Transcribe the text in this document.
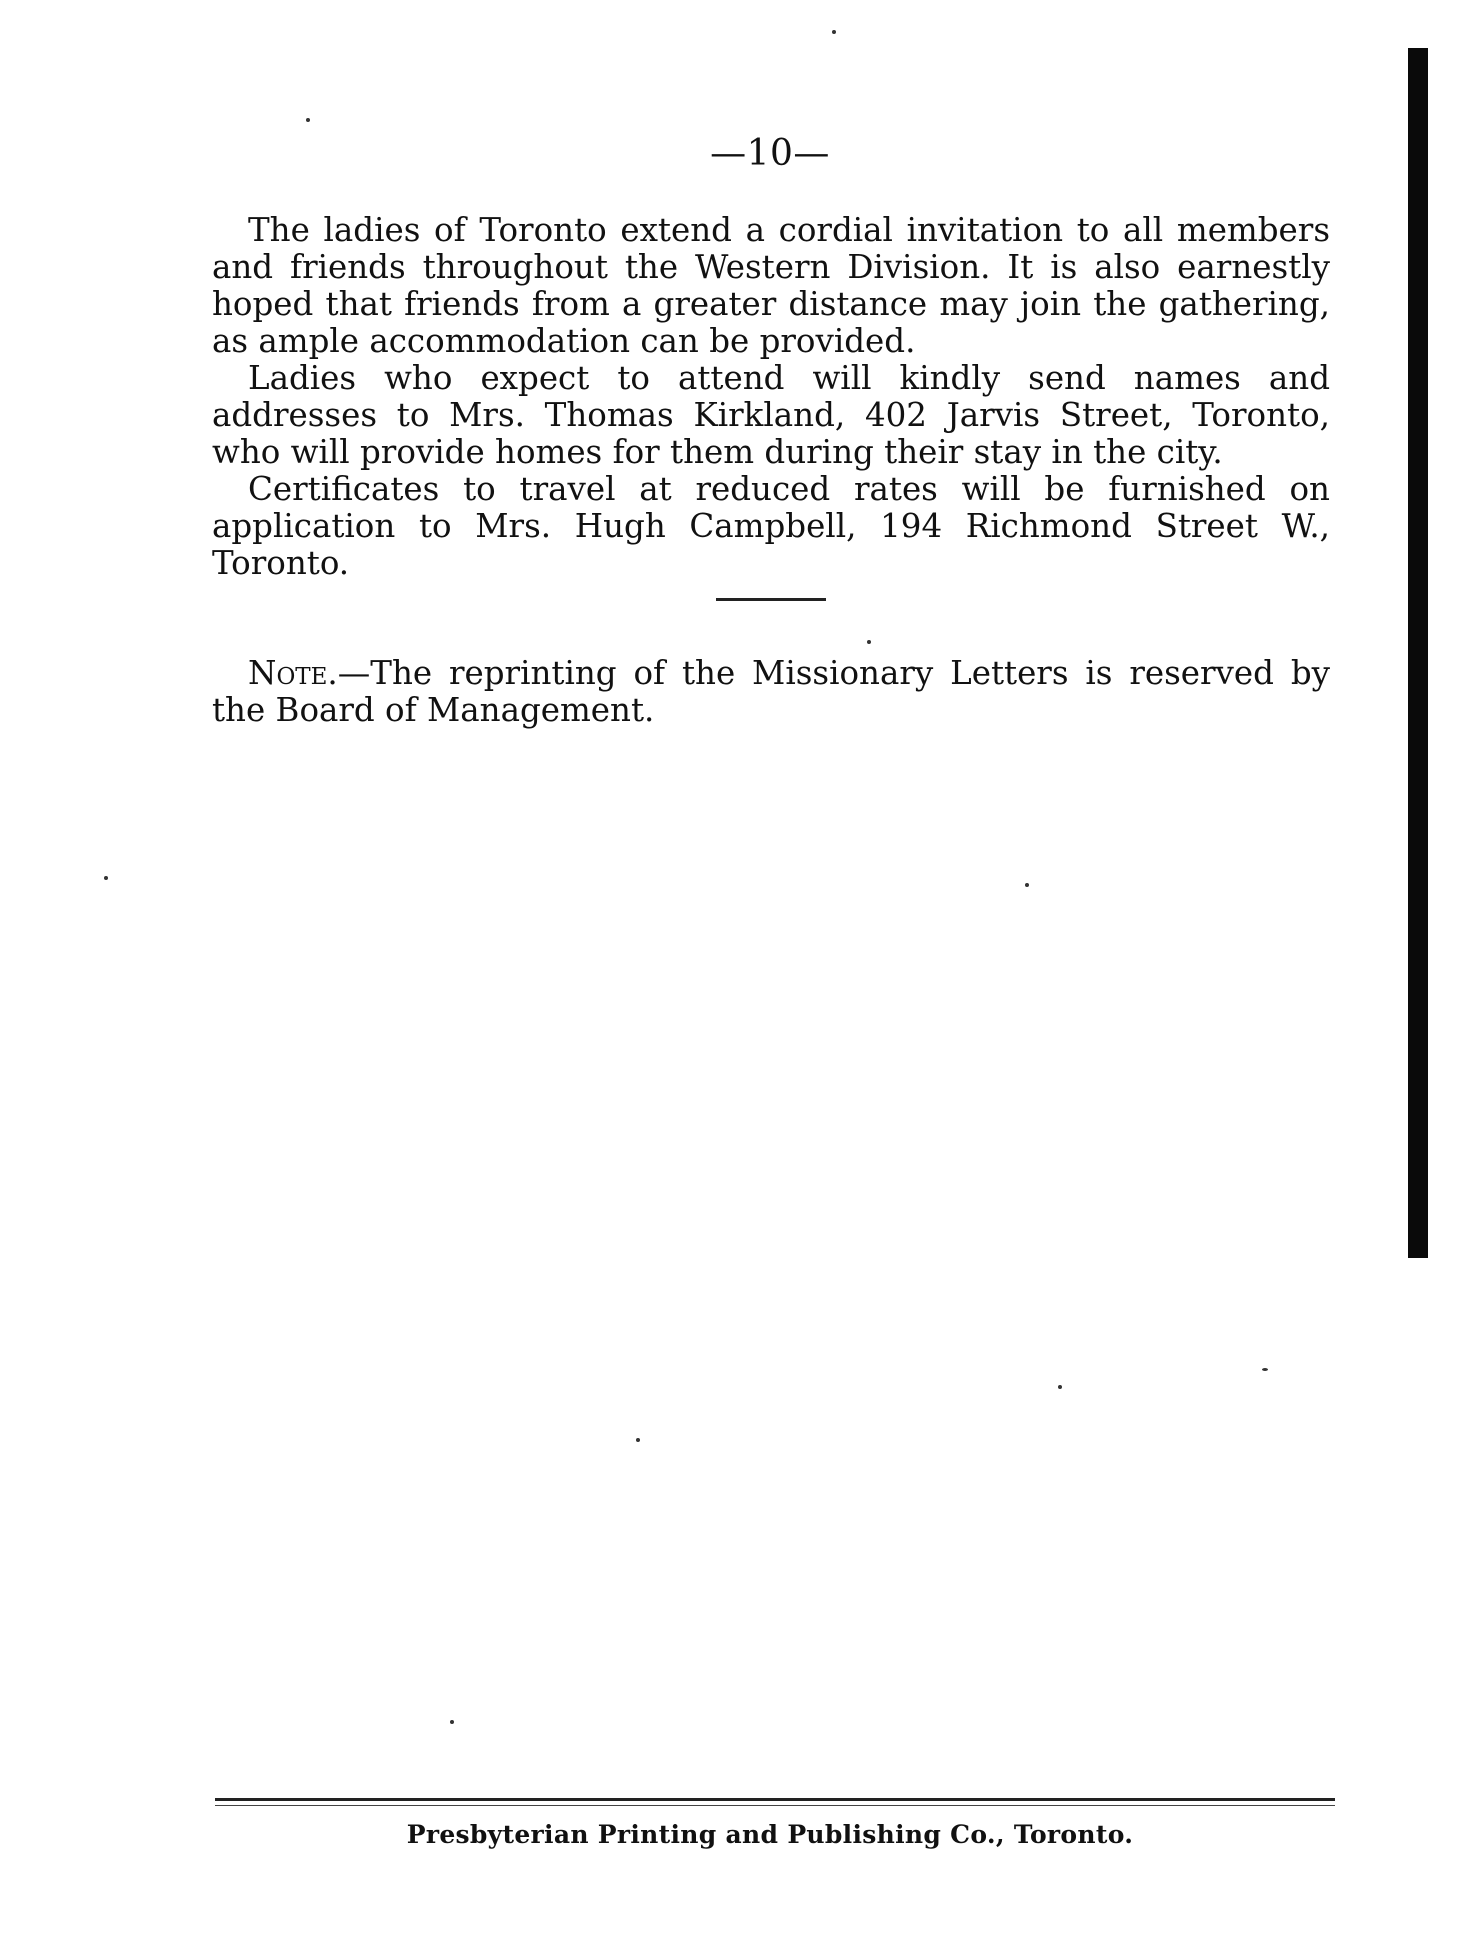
—10—

The ladies of Toronto extend a cordial invitation to all members and friends throughout the Western Division. It is also earnestly hoped that friends from a greater distance may join the gathering, as ample accommodation can be provided.

Ladies who expect to attend will kindly send names and addresses to Mrs. Thomas Kirkland, 402 Jarvis Street, Toronto, who will provide homes for them during their stay in the city.

Certificates to travel at reduced rates will be furnished on application to Mrs. Hugh Campbell, 194 Richmond Street W., Toronto.

Note.—The reprinting of the Missionary Letters is reserved by the Board of Management.

Presbyterian Printing and Publishing Co., Toronto.
